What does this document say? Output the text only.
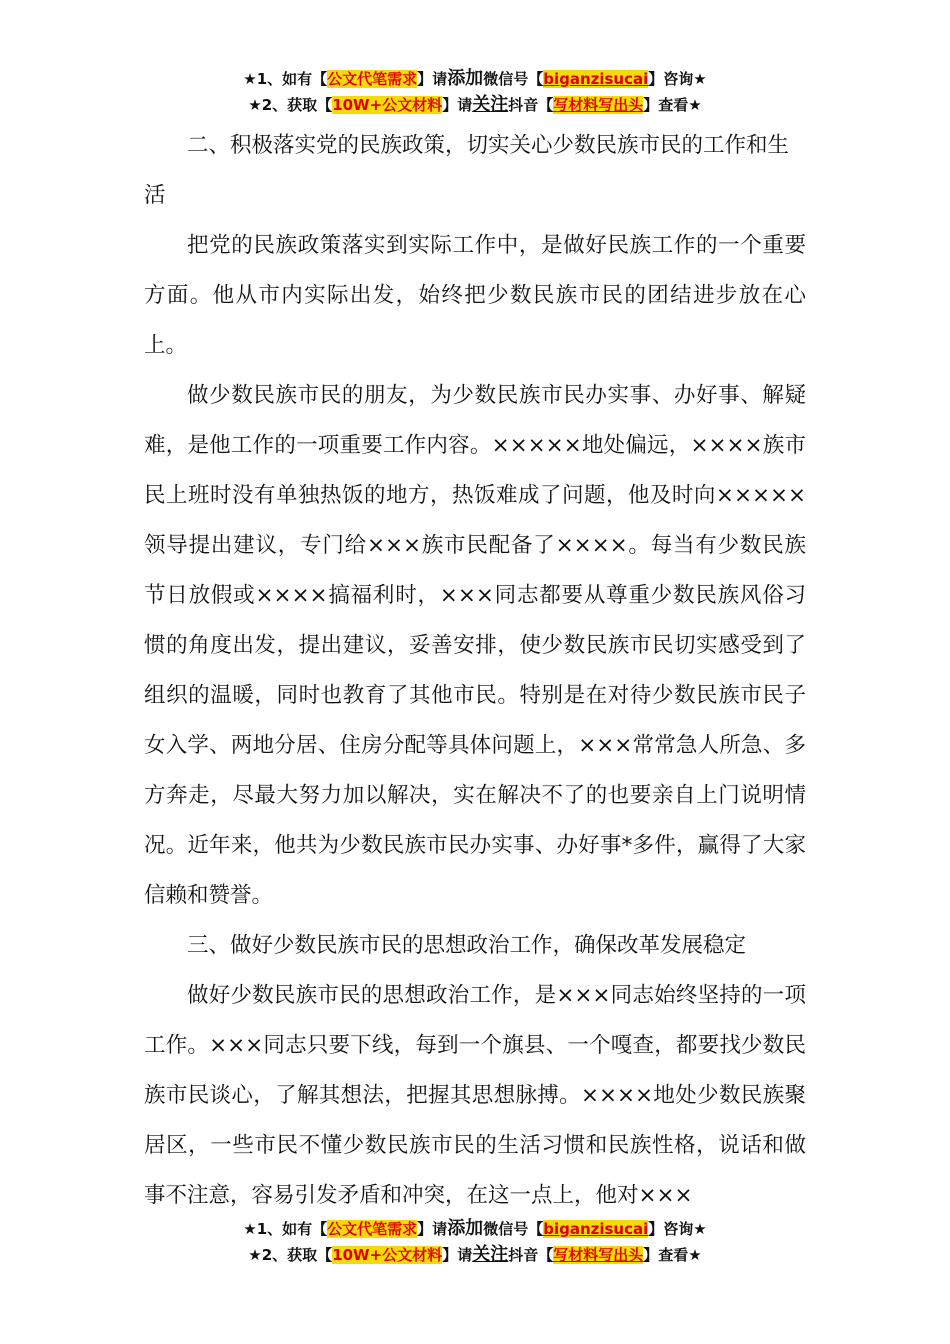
★1、如有【公文代笔需求】请添加微信号【biganzisucai】咨询★
★2、获取【10W+公文材料】请关注抖音【写材料写出头】查看★

二、积极落实党的民族政策，切实关心少数民族市民的工作和生活

把党的民族政策落实到实际工作中，是做好民族工作的一个重要方面。他从市内实际出发，始终把少数民族市民的团结进步放在心上。

做少数民族市民的朋友，为少数民族市民办实事、办好事、解疑难，是他工作的一项重要工作内容。×××××地处偏远，××××族市民上班时没有单独热饭的地方，热饭难成了问题，他及时向×××××领导提出建议，专门给×××族市民配备了××××。每当有少数民族节日放假或××××搞福利时，×××同志都要从尊重少数民族风俗习惯的角度出发，提出建议，妥善安排，使少数民族市民切实感受到了组织的温暖，同时也教育了其他市民。特别是在对待少数民族市民子女入学、两地分居、住房分配等具体问题上，×××常常急人所急、多方奔走，尽最大努力加以解决，实在解决不了的也要亲自上门说明情况。近年来，他共为少数民族市民办实事、办好事*多件，赢得了大家信赖和赞誉。

三、做好少数民族市民的思想政治工作，确保改革发展稳定

做好少数民族市民的思想政治工作，是×××同志始终坚持的一项工作。×××同志只要下线，每到一个旗县、一个嘎查，都要找少数民族市民谈心，了解其想法，把握其思想脉搏。××××地处少数民族聚居区，一些市民不懂少数民族市民的生活习惯和民族性格，说话和做事不注意，容易引发矛盾和冲突，在这一点上，他对×××

★1、如有【公文代笔需求】请添加微信号【biganzisucai】咨询★
★2、获取【10W+公文材料】请关注抖音【写材料写出头】查看★
